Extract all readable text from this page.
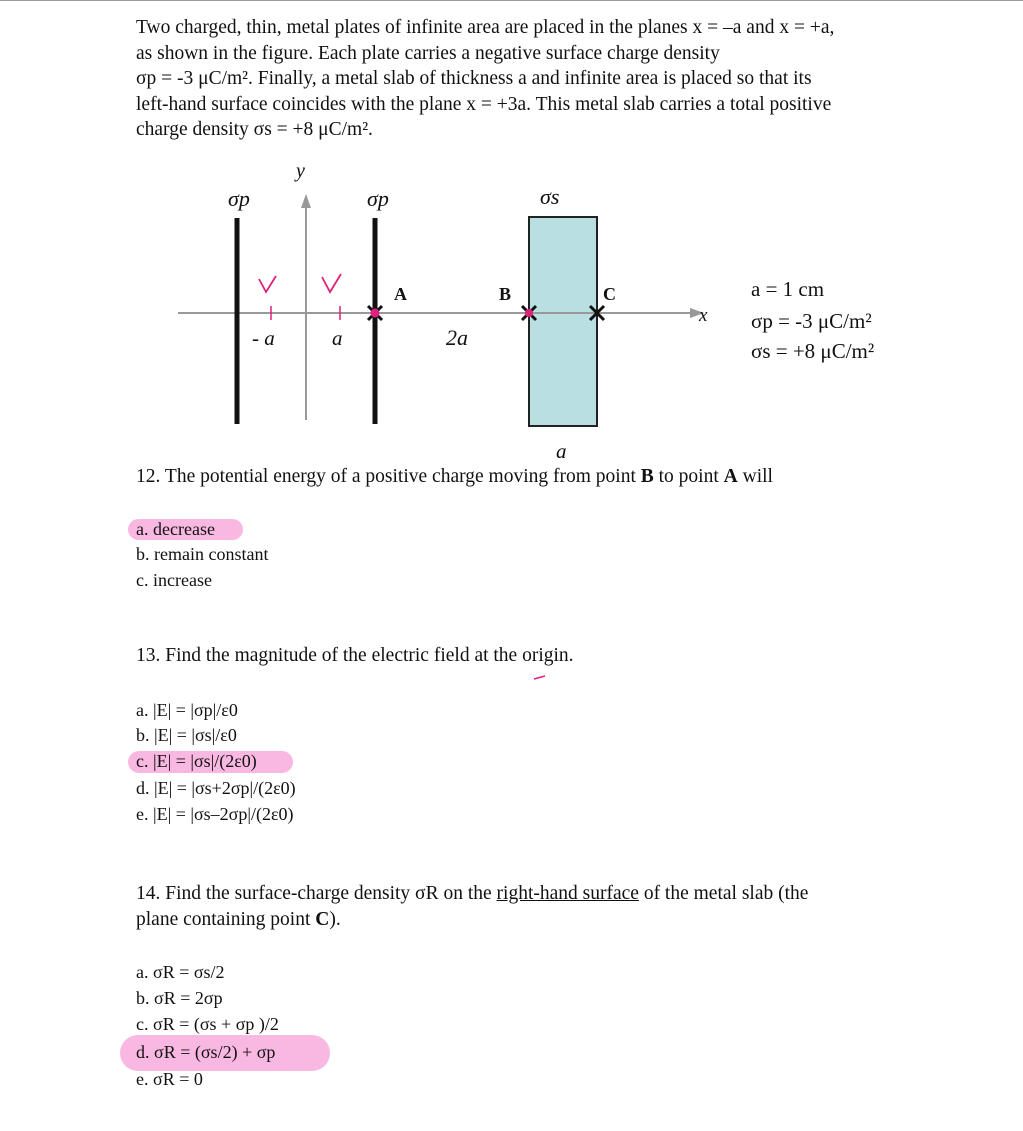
Two charged, thin, metal plates of infinite area are placed in the planes x = –a and x = +a,

as shown in the figure. Each plate carries a negative surface charge density

σp = -3 μC/m². Finally, a metal slab of thickness a and infinite area is placed so that its

left-hand surface coincides with the plane x = +3a. This metal slab carries a total positive

charge density σs = +8 μC/m².

y
x
σp	σp	σs
- a	a	2a
a
A	B	C	a = 1 cm
σp = -3 μC/m²
σs = +8 μC/m²
12. The potential energy of a positive charge moving from point B to point A will
a. decrease
b. remain constant
c. increase
13. Find the magnitude of the electric field at the origin.
a. |E| = |σp|/ε0
b. |E| = |σs|/ε0
c. |E| = |σs|/(2ε0)
d. |E| = |σs+2σp|/(2ε0)
e. |E| = |σs–2σp|/(2ε0)
14. Find the surface-charge density σR on the right-hand surface of the metal slab (the
plane containing point C).
a. σR = σs/2
b. σR = 2σp
c. σR = (σs + σp )/2
d. σR = (σs/2) + σp
e. σR = 0
